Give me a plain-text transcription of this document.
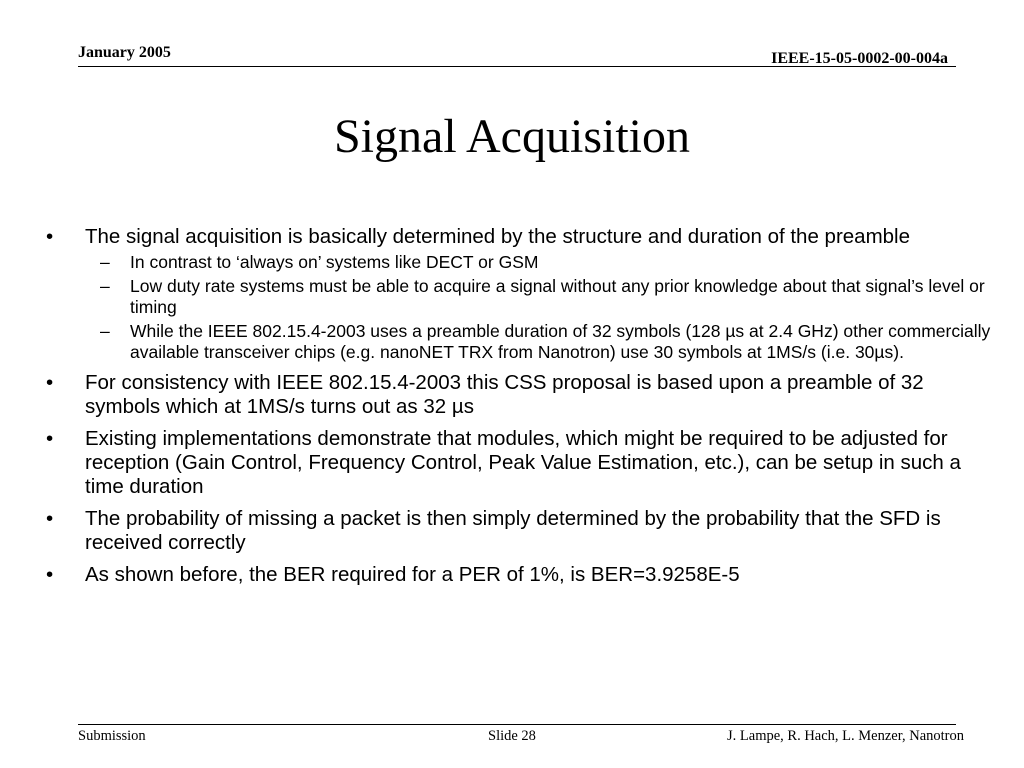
January 2005	IEEE-15-05-0002-00-004a
Signal Acquisition
• The signal acquisition is basically determined by the structure and duration of the preamble
– In contrast to ‘always on’ systems like DECT or GSM
– Low duty rate systems must be able to acquire a signal without any prior knowledge about that signal’s level or timing
– While the IEEE 802.15.4-2003 uses a preamble duration of 32 symbols (128 µs at 2.4 GHz) other commercially available transceiver chips (e.g. nanoNET TRX from Nanotron) use 30 symbols at 1MS/s (i.e. 30µs).
• For consistency with IEEE 802.15.4-2003 this CSS proposal is based upon a preamble of 32 symbols which at 1MS/s turns out as 32 µs
• Existing implementations demonstrate that modules, which might be required to be adjusted for reception (Gain Control, Frequency Control, Peak Value Estimation, etc.), can be setup in such a time duration
• The probability of missing a packet is then simply determined by the probability that the SFD is received correctly
• As shown before, the BER required for a PER of 1%, is BER=3.9258E-5
Submission	Slide 28	J. Lampe, R. Hach, L. Menzer, Nanotron
